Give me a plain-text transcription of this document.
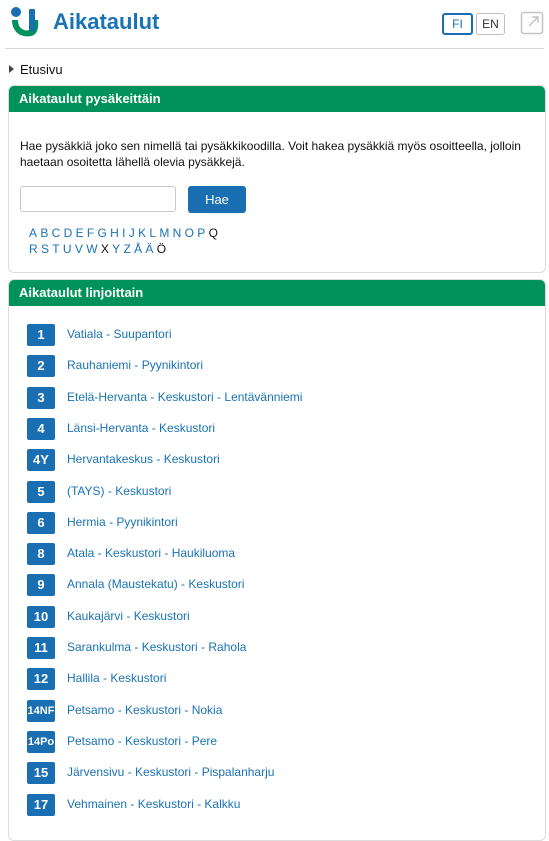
Aikataulut	FI	EN
Etusivu
Aikataulut pysäkeittäin
Hae pysäkkiä joko sen nimellä tai pysäkkikoodilla. Voit hakea pysäkkiä myös osoitteella, jolloin haetaan osoitetta lähellä olevia pysäkkejä.
Hae
A B C D E F G H I J K L M N O P Q
R S T U V W X Y Z Å Ä Ö
Aikataulut linjoittain
1	Vatiala - Suupantori
2	Rauhaniemi - Pyynikintori
3	Etelä-Hervanta - Keskustori - Lentävänniemi
4	Länsi-Hervanta - Keskustori
4Y	Hervantakeskus - Keskustori
5	(TAYS) - Keskustori
6	Hermia - Pyynikintori
8	Atala - Keskustori - Haukiluoma
9	Annala (Maustekatu) - Keskustori
10	Kaukajärvi - Keskustori
11	Sarankulma - Keskustori - Rahola
12	Hallila - Keskustori
14NF Petsamo - Keskustori - Nokia
14Po Petsamo - Keskustori - Pere
15	Järvensivu - Keskustori - Pispalanharju
17	Vehmainen - Keskustori - Kalkku
